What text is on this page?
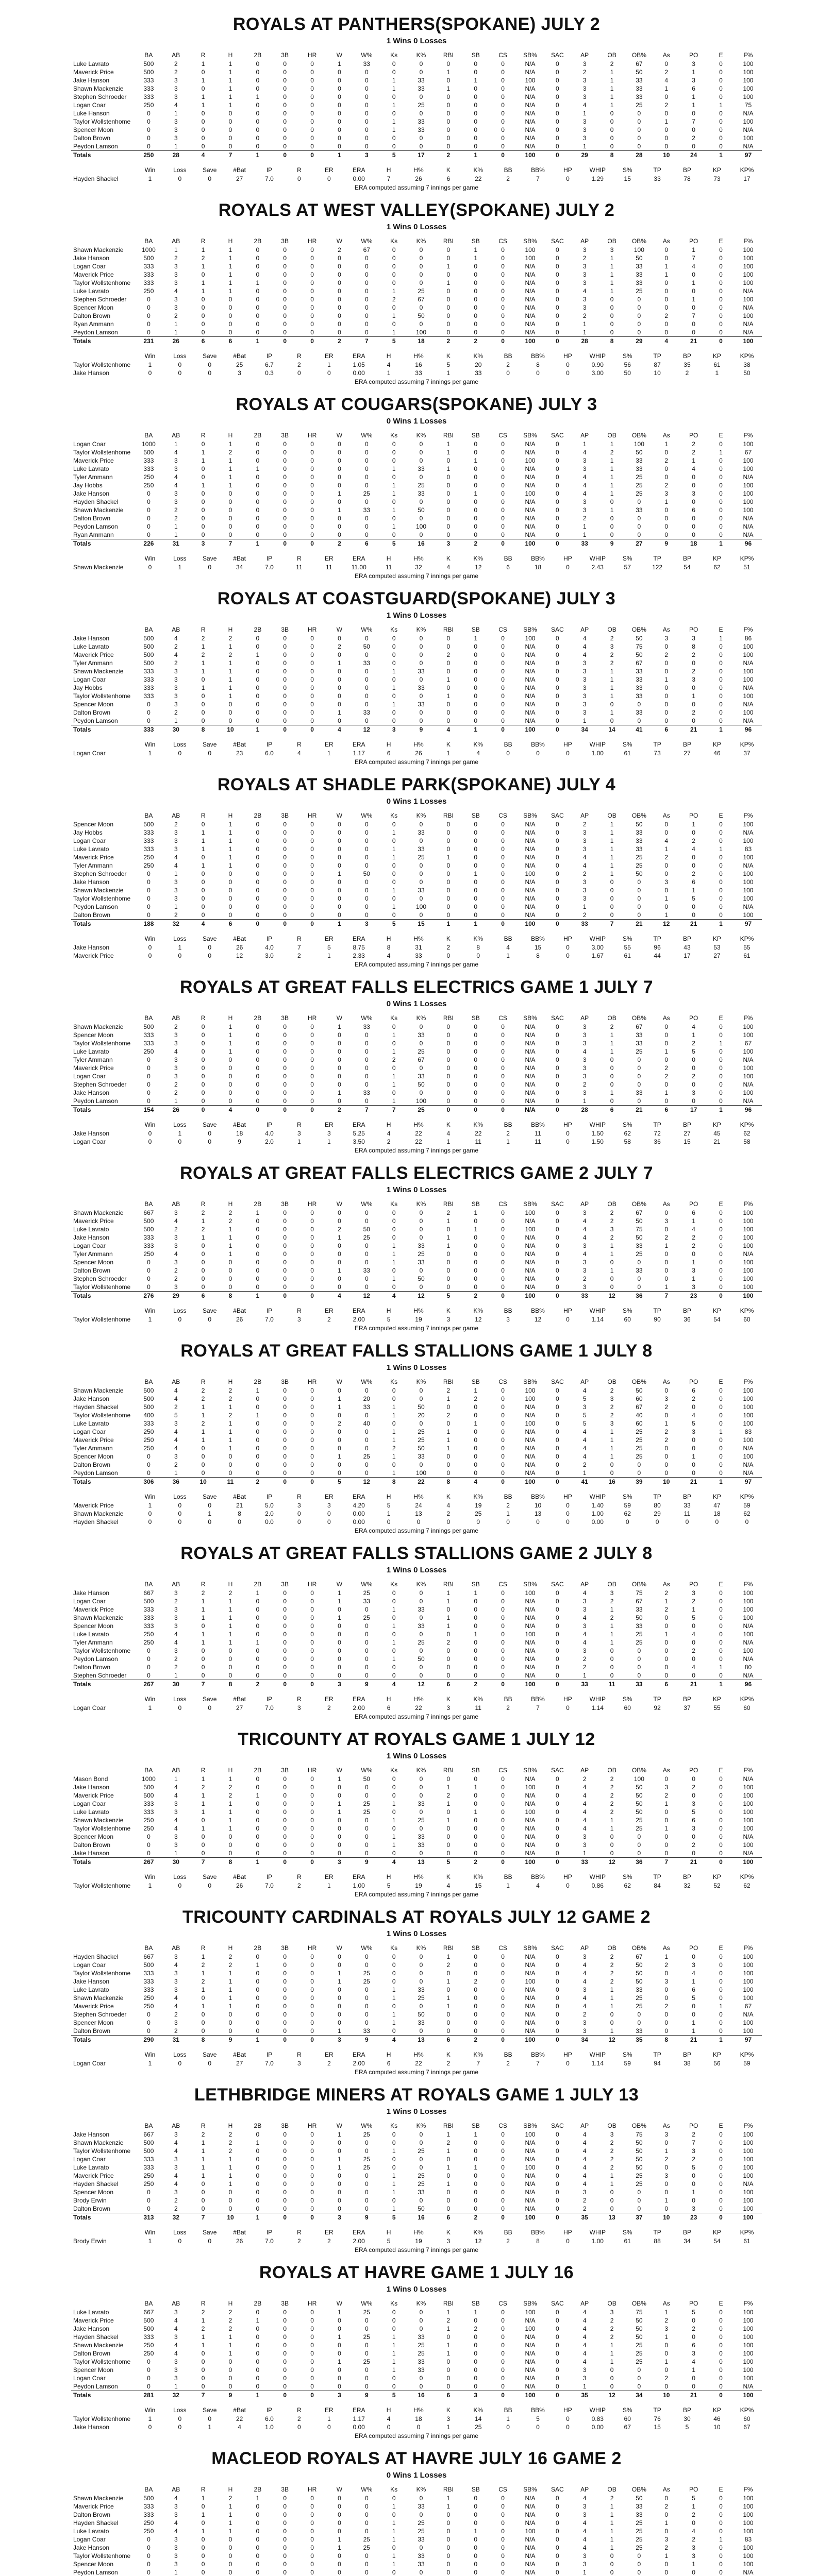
ROYALS AT PANTHERS(SPOKANE) JULY 2
1 Wins 0 Losses
	BA	AB	R	H	2B	3B	HR	W	W%	Ks	K%	RBI	SB	CS	SB%	SAC	AP	OB	OB%	As	PO	E	F%
Luke Lavrato	500	2	1	1	0	0	0	1	33	0	0	0	0	0	N/A	0	3	2	67	0	3	0	100
Maverick Price	500	2	0	1	0	0	0	0	0	0	0	1	0	0	N/A	0	2	1	50	2	1	0	100
Jake Hanson	333	3	1	1	0	0	0	0	0	1	33	0	1	0	100	0	3	1	33	4	3	0	100
Shawn Mackenzie	333	3	0	1	0	0	0	0	0	1	33	1	0	0	N/A	0	3	1	33	1	6	0	100
Stephen Schroeder	333	3	1	1	1	0	0	0	0	0	0	0	0	0	N/A	0	3	1	33	0	1	0	100
Logan Coar	250	4	1	1	0	0	0	0	0	1	25	0	0	0	N/A	0	4	1	25	2	1	1	75
Luke Hanson	0	1	0	0	0	0	0	0	0	0	0	0	0	0	N/A	0	1	0	0	0	0	0	N/A
Taylor Wollstenhome	0	3	0	0	0	0	0	0	0	1	33	0	0	0	N/A	0	3	0	0	1	7	0	100
Spencer Moon	0	3	0	0	0	0	0	0	0	1	33	0	0	0	N/A	0	3	0	0	0	0	0	N/A
Dalton Brown	0	3	0	0	0	0	0	0	0	0	0	0	0	0	N/A	0	3	0	0	0	2	0	100
Peydon Lamson	0	1	0	0	0	0	0	0	0	0	0	0	0	0	N/A	0	1	0	0	0	0	0	N/A
Totals	250	28	4	7	1	0	0	1	3	5	17	2	1	0	100	0	29	8	28	10	24	1	97
	Win	Loss	Save	#Bat	IP	R	ER	ERA	H	H%	K	K%	BB	BB%	HP	WHIP	S%	TP	BP	KP	KP%
Hayden Shackel	1	0	0	27	7.0	0	0	0.00	7	26	6	22	2	7	0	1.29	15	33	78	73	17
ERA computed assuming 7 innings per game
ROYALS AT WEST VALLEY(SPOKANE) JULY 2
1 Wins 0 Losses
	BA	AB	R	H	2B	3B	HR	W	W%	Ks	K%	RBI	SB	CS	SB%	SAC	AP	OB	OB%	As	PO	E	F%
Shawn Mackenzie	1000	1	1	1	0	0	0	2	67	0	0	0	1	0	100	0	3	3	100	0	1	0	100
Jake Hanson	500	2	2	1	0	0	0	0	0	0	0	0	1	0	100	0	2	1	50	0	7	0	100
Logan Coar	333	3	1	1	0	0	0	0	0	0	0	1	0	0	N/A	0	3	1	33	1	4	0	100
Maverick Price	333	3	0	1	0	0	0	0	0	0	0	0	0	0	N/A	0	3	1	33	1	0	0	100
Taylor Wollstenhome	333	3	1	1	1	0	0	0	0	0	0	1	0	0	N/A	0	3	1	33	0	1	0	100
Luke Lavrato	250	4	1	1	0	0	0	0	0	1	25	0	0	0	N/A	0	4	1	25	0	0	0	N/A
Stephen Schroeder	0	3	0	0	0	0	0	0	0	2	67	0	0	0	N/A	0	3	0	0	0	1	0	100
Spencer Moon	0	3	0	0	0	0	0	0	0	0	0	0	0	0	N/A	0	3	0	0	0	0	0	N/A
Dalton Brown	0	2	0	0	0	0	0	0	0	1	50	0	0	0	N/A	0	2	0	0	2	7	0	100
Ryan Ammann	0	1	0	0	0	0	0	0	0	0	0	0	0	0	N/A	0	1	0	0	0	0	0	N/A
Peydon Lamson	0	1	0	0	0	0	0	0	0	1	100	0	0	0	N/A	0	1	0	0	0	0	0	N/A
Totals	231	26	6	6	1	0	0	2	7	5	18	2	2	0	100	0	28	8	29	4	21	0	100
	Win	Loss	Save	#Bat	IP	R	ER	ERA	H	H%	K	K%	BB	BB%	HP	WHIP	S%	TP	BP	KP	KP%
Taylor Wollstenhome	1	0	0	25	6.7	2	1	1.05	4	16	5	20	2	8	0	0.90	56	87	35	61	38
Jake Hanson	0	0	0	3	0.3	0	0	0.00	1	33	1	33	0	0	0	3.00	50	10	2	1	50
ERA computed assuming 7 innings per game
ROYALS AT COUGARS(SPOKANE) JULY 3
0 Wins 1 Losses
	BA	AB	R	H	2B	3B	HR	W	W%	Ks	K%	RBI	SB	CS	SB%	SAC	AP	OB	OB%	As	PO	E	F%
Logan Coar	1000	1	0	1	0	0	0	0	0	0	0	1	0	0	N/A	0	1	1	100	1	2	0	100
Taylor Wollstenhome	500	4	1	2	0	0	0	0	0	0	0	1	0	0	N/A	0	4	2	50	0	2	1	67
Maverick Price	333	3	1	1	0	0	0	0	0	0	0	0	1	0	100	0	3	1	33	2	1	0	100
Luke Lavrato	333	3	0	1	1	0	0	0	0	1	33	1	0	0	N/A	0	3	1	33	0	4	0	100
Tyler Ammann	250	4	0	1	0	0	0	0	0	0	0	0	0	0	N/A	0	4	1	25	0	0	0	N/A
Jay Hobbs	250	4	1	1	0	0	0	0	0	1	25	0	0	0	N/A	0	4	1	25	2	0	0	100
Jake Hanson	0	3	0	0	0	0	0	1	25	1	33	0	1	0	100	0	4	1	25	3	3	0	100
Hayden Shackel	0	3	0	0	0	0	0	0	0	0	0	0	0	0	N/A	0	3	0	0	1	0	0	100
Shawn Mackenzie	0	2	0	0	0	0	0	1	33	1	50	0	0	0	N/A	0	3	1	33	0	6	0	100
Dalton Brown	0	2	0	0	0	0	0	0	0	0	0	0	0	0	N/A	0	2	0	0	0	0	0	N/A
Peydon Lamson	0	1	0	0	0	0	0	0	0	1	100	0	0	0	N/A	0	1	0	0	0	0	0	N/A
Ryan Ammann	0	1	0	0	0	0	0	0	0	0	0	0	0	0	N/A	0	1	0	0	0	0	0	N/A
Totals	226	31	3	7	1	0	0	2	6	5	16	3	2	0	100	0	33	9	27	9	18	1	96
	Win	Loss	Save	#Bat	IP	R	ER	ERA	H	H%	K	K%	BB	BB%	HP	WHIP	S%	TP	BP	KP	KP%
Shawn Mackenzie	0	1	0	34	7.0	11	11	11.00	11	32	4	12	6	18	0	2.43	57	122	54	62	51
ERA computed assuming 7 innings per game
ROYALS AT COASTGUARD(SPOKANE) JULY 3
1 Wins 0 Losses
	BA	AB	R	H	2B	3B	HR	W	W%	Ks	K%	RBI	SB	CS	SB%	SAC	AP	OB	OB%	As	PO	E	F%
Jake Hanson	500	4	2	2	0	0	0	0	0	0	0	0	1	0	100	0	4	2	50	3	3	1	86
Luke Lavrato	500	2	1	1	0	0	0	2	50	0	0	0	0	0	N/A	0	4	3	75	0	8	0	100
Maverick Price	500	4	2	2	1	0	0	0	0	0	0	2	0	0	N/A	0	4	2	50	2	2	0	100
Tyler Ammann	500	2	1	1	0	0	0	1	33	0	0	0	0	0	N/A	0	3	2	67	0	0	0	N/A
Shawn Mackenzie	333	3	1	1	0	0	0	0	0	1	33	0	0	0	N/A	0	3	1	33	0	2	0	100
Logan Coar	333	3	0	1	0	0	0	0	0	0	0	1	0	0	N/A	0	3	1	33	1	3	0	100
Jay Hobbs	333	3	1	1	0	0	0	0	0	1	33	0	0	0	N/A	0	3	1	33	0	0	0	N/A
Taylor Wollstenhome	333	3	0	1	0	0	0	0	0	0	0	1	0	0	N/A	0	3	1	33	0	1	0	100
Spencer Moon	0	3	0	0	0	0	0	0	0	1	33	0	0	0	N/A	0	3	0	0	0	0	0	N/A
Dalton Brown	0	2	0	0	0	0	0	1	33	0	0	0	0	0	N/A	0	3	1	33	0	2	0	100
Peydon Lamson	0	1	0	0	0	0	0	0	0	0	0	0	0	0	N/A	0	1	0	0	0	0	0	N/A
Totals	333	30	8	10	1	0	0	4	12	3	9	4	1	0	100	0	34	14	41	6	21	1	96
	Win	Loss	Save	#Bat	IP	R	ER	ERA	H	H%	K	K%	BB	BB%	HP	WHIP	S%	TP	BP	KP	KP%
Logan Coar	1	0	0	23	6.0	4	1	1.17	6	26	1	4	0	0	0	1.00	61	73	27	46	37
ERA computed assuming 7 innings per game
ROYALS AT SHADLE PARK(SPOKANE) JULY 4
0 Wins 1 Losses
	BA	AB	R	H	2B	3B	HR	W	W%	Ks	K%	RBI	SB	CS	SB%	SAC	AP	OB	OB%	As	PO	E	F%
Spencer Moon	500	2	0	1	0	0	0	0	0	0	0	0	0	0	N/A	0	2	1	50	0	1	0	100
Jay Hobbs	333	3	1	1	0	0	0	0	0	1	33	0	0	0	N/A	0	3	1	33	0	0	0	N/A
Logan Coar	333	3	1	1	0	0	0	0	0	0	0	0	0	0	N/A	0	3	1	33	4	2	0	100
Luke Lavrato	333	3	1	1	0	0	0	0	0	1	33	0	0	0	N/A	0	3	1	33	1	4	1	83
Maverick Price	250	4	0	1	0	0	0	0	0	1	25	1	0	0	N/A	0	4	1	25	2	0	0	100
Tyler Ammann	250	4	1	1	0	0	0	0	0	0	0	0	0	0	N/A	0	4	1	25	0	0	0	N/A
Stephen Schroeder	0	1	0	0	0	0	0	1	50	0	0	0	1	0	100	0	2	1	50	0	2	0	100
Jake Hanson	0	3	0	0	0	0	0	0	0	0	0	0	0	0	N/A	0	3	0	0	3	6	0	100
Shawn Mackenzie	0	3	0	0	0	0	0	0	0	1	33	0	0	0	N/A	0	3	0	0	0	1	0	100
Taylor Wollstenhome	0	3	0	0	0	0	0	0	0	0	0	0	0	0	N/A	0	3	0	0	1	5	0	100
Peydon Lamson	0	1	0	0	0	0	0	0	0	1	100	0	0	0	N/A	0	1	0	0	0	0	0	N/A
Dalton Brown	0	2	0	0	0	0	0	0	0	0	0	0	0	0	N/A	0	2	0	0	1	0	0	100
Totals	188	32	4	6	0	0	0	1	3	5	15	1	1	0	100	0	33	7	21	12	21	1	97
	Win	Loss	Save	#Bat	IP	R	ER	ERA	H	H%	K	K%	BB	BB%	HP	WHIP	S%	TP	BP	KP	KP%
Jake Hanson	0	1	0	26	4.0	7	5	8.75	8	31	2	8	4	15	0	3.00	55	96	43	53	55
Maverick Price	0	0	0	12	3.0	2	1	2.33	4	33	0	0	1	8	0	1.67	61	44	17	27	61
ERA computed assuming 7 innings per game
ROYALS AT GREAT FALLS ELECTRICS GAME 1 JULY 7
0 Wins 1 Losses
	BA	AB	R	H	2B	3B	HR	W	W%	Ks	K%	RBI	SB	CS	SB%	SAC	AP	OB	OB%	As	PO	E	F%
Shawn Mackenzie	500	2	0	1	0	0	0	1	33	0	0	0	0	0	N/A	0	3	2	67	0	4	0	100
Spencer Moon	333	3	0	1	0	0	0	0	0	1	33	0	0	0	N/A	0	3	1	33	0	1	0	100
Taylor Wollstenhome	333	3	0	1	0	0	0	0	0	0	0	0	0	0	N/A	0	3	1	33	0	2	1	67
Luke Lavrato	250	4	0	1	0	0	0	0	0	1	25	0	0	0	N/A	0	4	1	25	1	5	0	100
Tyler Ammann	0	3	0	0	0	0	0	0	0	2	67	0	0	0	N/A	0	3	0	0	0	0	0	N/A
Maverick Price	0	3	0	0	0	0	0	0	0	0	0	0	0	0	N/A	0	3	0	0	2	0	0	100
Logan Coar	0	3	0	0	0	0	0	0	0	1	33	0	0	0	N/A	0	3	0	0	2	2	0	100
Stephen Schroeder	0	2	0	0	0	0	0	0	0	1	50	0	0	0	N/A	0	2	0	0	0	0	0	N/A
Jake Hanson	0	2	0	0	0	0	0	1	33	0	0	0	0	0	N/A	0	3	1	33	1	3	0	100
Peydon Lamson	0	1	0	0	0	0	0	0	0	1	100	0	0	0	N/A	0	1	0	0	0	0	0	N/A
Totals	154	26	0	4	0	0	0	2	7	7	25	0	0	0	N/A	0	28	6	21	6	17	1	96
	Win	Loss	Save	#Bat	IP	R	ER	ERA	H	H%	K	K%	BB	BB%	HP	WHIP	S%	TP	BP	KP	KP%
Jake Hanson	0	1	0	18	4.0	3	3	5.25	4	22	4	22	2	11	0	1.50	62	72	27	45	62
Logan Coar	0	0	0	9	2.0	1	1	3.50	2	22	1	11	1	11	0	1.50	58	36	15	21	58
ERA computed assuming 7 innings per game
ROYALS AT GREAT FALLS ELECTRICS GAME 2 JULY 7
1 Wins 0 Losses
	BA	AB	R	H	2B	3B	HR	W	W%	Ks	K%	RBI	SB	CS	SB%	SAC	AP	OB	OB%	As	PO	E	F%
Shawn Mackenzie	667	3	2	2	1	0	0	0	0	0	0	2	1	0	100	0	3	2	67	0	6	0	100
Maverick Price	500	4	1	2	0	0	0	0	0	0	0	1	0	0	N/A	0	4	2	50	3	1	0	100
Luke Lavrato	500	2	2	1	0	0	0	2	50	0	0	0	1	0	100	0	4	3	75	0	4	0	100
Jake Hanson	333	3	1	1	0	0	0	1	25	0	0	1	0	0	N/A	0	4	2	50	2	2	0	100
Logan Coar	333	3	0	1	0	0	0	0	0	1	33	1	0	0	N/A	0	3	1	33	1	2	0	100
Tyler Ammann	250	4	0	1	0	0	0	0	0	1	25	0	0	0	N/A	0	4	1	25	0	0	0	N/A
Spencer Moon	0	3	0	0	0	0	0	0	0	1	33	0	0	0	N/A	0	3	0	0	0	1	0	100
Dalton Brown	0	2	0	0	0	0	0	1	33	0	0	0	0	0	N/A	0	3	1	33	0	3	0	100
Stephen Schroeder	0	2	0	0	0	0	0	0	0	1	50	0	0	0	N/A	0	2	0	0	0	1	0	100
Taylor Wollstenhome	0	3	0	0	0	0	0	0	0	0	0	0	0	0	N/A	0	3	0	0	1	3	0	100
Totals	276	29	6	8	1	0	0	4	12	4	12	5	2	0	100	0	33	12	36	7	23	0	100
	Win	Loss	Save	#Bat	IP	R	ER	ERA	H	H%	K	K%	BB	BB%	HP	WHIP	S%	TP	BP	KP	KP%
Taylor Wollstenhome	1	0	0	26	7.0	3	2	2.00	5	19	3	12	3	12	0	1.14	60	90	36	54	60
ERA computed assuming 7 innings per game
ROYALS AT GREAT FALLS STALLIONS GAME 1 JULY 8
1 Wins 0 Losses
	BA	AB	R	H	2B	3B	HR	W	W%	Ks	K%	RBI	SB	CS	SB%	SAC	AP	OB	OB%	As	PO	E	F%
Shawn Mackenzie	500	4	2	2	1	0	0	0	0	0	0	2	1	0	100	0	4	2	50	0	6	0	100
Jake Hanson	500	4	2	2	0	0	0	1	20	0	0	1	2	0	100	0	5	3	60	3	2	0	100
Hayden Shackel	500	2	1	1	0	0	0	1	33	1	50	0	0	0	N/A	0	3	2	67	2	0	0	100
Taylor Wollstenhome	400	5	1	2	1	0	0	0	0	1	20	2	0	0	N/A	0	5	2	40	0	4	0	100
Luke Lavrato	333	3	2	1	0	0	0	2	40	0	0	0	1	0	100	0	5	3	60	1	5	0	100
Logan Coar	250	4	1	1	0	0	0	0	0	1	25	1	0	0	N/A	0	4	1	25	2	3	1	83
Maverick Price	250	4	1	1	0	0	0	0	0	1	25	1	0	0	N/A	0	4	1	25	2	0	0	100
Tyler Ammann	250	4	0	1	0	0	0	0	0	2	50	1	0	0	N/A	0	4	1	25	0	0	0	N/A
Spencer Moon	0	3	0	0	0	0	0	1	25	1	33	0	0	0	N/A	0	4	1	25	0	1	0	100
Dalton Brown	0	2	0	0	0	0	0	0	0	0	0	0	0	0	N/A	0	2	0	0	0	0	0	N/A
Peydon Lamson	0	1	0	0	0	0	0	0	0	1	100	0	0	0	N/A	0	1	0	0	0	0	0	N/A
Totals	306	36	10	11	2	0	0	5	12	8	22	8	4	0	100	0	41	16	39	10	21	1	97
	Win	Loss	Save	#Bat	IP	R	ER	ERA	H	H%	K	K%	BB	BB%	HP	WHIP	S%	TP	BP	KP	KP%
Maverick Price	1	0	0	21	5.0	3	3	4.20	5	24	4	19	2	10	0	1.40	59	80	33	47	59
Shawn Mackenzie	0	0	1	8	2.0	0	0	0.00	1	13	2	25	1	13	0	1.00	62	29	11	18	62
Hayden Shackel	0	0	0	0	0.0	0	0	0.00	0	0	0	0	0	0	0	0.00	0	0	0	0	0
ERA computed assuming 7 innings per game
ROYALS AT GREAT FALLS STALLIONS GAME 2 JULY 8
1 Wins 0 Losses
	BA	AB	R	H	2B	3B	HR	W	W%	Ks	K%	RBI	SB	CS	SB%	SAC	AP	OB	OB%	As	PO	E	F%
Jake Hanson	667	3	2	2	1	0	0	1	25	0	0	1	1	0	100	0	4	3	75	2	3	0	100
Logan Coar	500	2	1	1	0	0	0	1	33	0	0	1	0	0	N/A	0	3	2	67	1	2	0	100
Maverick Price	333	3	1	1	0	0	0	0	0	1	33	0	0	0	N/A	0	3	1	33	2	1	0	100
Shawn Mackenzie	333	3	1	1	0	0	0	1	25	0	0	1	0	0	N/A	0	4	2	50	0	5	0	100
Spencer Moon	333	3	0	1	0	0	0	0	0	1	33	1	0	0	N/A	0	3	1	33	0	0	0	N/A
Luke Lavrato	250	4	1	1	0	0	0	0	0	0	0	0	1	0	100	0	4	1	25	1	4	0	100
Tyler Ammann	250	4	1	1	1	0	0	0	0	1	25	2	0	0	N/A	0	4	1	25	0	0	0	N/A
Taylor Wollstenhome	0	3	0	0	0	0	0	0	0	0	0	0	0	0	N/A	0	3	0	0	0	2	0	100
Peydon Lamson	0	2	0	0	0	0	0	0	0	1	50	0	0	0	N/A	0	2	0	0	0	0	0	N/A
Dalton Brown	0	2	0	0	0	0	0	0	0	0	0	0	0	0	N/A	0	2	0	0	0	4	1	80
Stephen Schroeder	0	1	0	0	0	0	0	0	0	0	0	0	0	0	N/A	0	1	0	0	0	0	0	N/A
Totals	267	30	7	8	2	0	0	3	9	4	12	6	2	0	100	0	33	11	33	6	21	1	96
	Win	Loss	Save	#Bat	IP	R	ER	ERA	H	H%	K	K%	BB	BB%	HP	WHIP	S%	TP	BP	KP	KP%
Logan Coar	1	0	0	27	7.0	3	2	2.00	6	22	3	11	2	7	0	1.14	60	92	37	55	60
ERA computed assuming 7 innings per game
TRICOUNTY AT ROYALS GAME 1 JULY 12
1 Wins 0 Losses
	BA	AB	R	H	2B	3B	HR	W	W%	Ks	K%	RBI	SB	CS	SB%	SAC	AP	OB	OB%	As	PO	E	F%
Mason Bond	1000	1	1	1	0	0	0	1	50	0	0	0	0	0	N/A	0	2	2	100	0	0	0	N/A
Jake Hanson	500	4	2	2	0	0	0	0	0	0	0	1	1	0	100	0	4	2	50	3	2	0	100
Maverick Price	500	4	1	2	1	0	0	0	0	0	0	2	0	0	N/A	0	4	2	50	2	0	0	100
Logan Coar	333	3	1	1	0	0	0	1	25	1	33	1	0	0	N/A	0	4	2	50	1	3	0	100
Luke Lavrato	333	3	1	1	0	0	0	1	25	0	0	0	1	0	100	0	4	2	50	0	5	0	100
Shawn Mackenzie	250	4	0	1	0	0	0	0	0	1	25	1	0	0	N/A	0	4	1	25	0	6	0	100
Taylor Wollstenhome	250	4	1	1	0	0	0	0	0	0	0	0	0	0	N/A	0	4	1	25	1	3	0	100
Spencer Moon	0	3	0	0	0	0	0	0	0	1	33	0	0	0	N/A	0	3	0	0	0	0	0	N/A
Dalton Brown	0	3	0	0	0	0	0	0	0	1	33	0	0	0	N/A	0	3	0	0	0	2	0	100
Jake Hanson	0	1	0	0	0	0	0	0	0	0	0	0	0	0	N/A	0	1	0	0	0	0	0	N/A
Totals	267	30	7	8	1	0	0	3	9	4	13	5	2	0	100	0	33	12	36	7	21	0	100
	Win	Loss	Save	#Bat	IP	R	ER	ERA	H	H%	K	K%	BB	BB%	HP	WHIP	S%	TP	BP	KP	KP%
Taylor Wollstenhome	1	0	0	26	7.0	2	1	1.00	5	19	4	15	1	4	0	0.86	62	84	32	52	62
ERA computed assuming 7 innings per game
TRICOUNTY CARDINALS AT ROYALS JULY 12 GAME 2
1 Wins 0 Losses
	BA	AB	R	H	2B	3B	HR	W	W%	Ks	K%	RBI	SB	CS	SB%	SAC	AP	OB	OB%	As	PO	E	F%
Hayden Shackel	667	3	1	2	0	0	0	0	0	0	0	1	0	0	N/A	0	3	2	67	1	0	0	100
Logan Coar	500	4	2	2	1	0	0	0	0	0	0	2	0	0	N/A	0	4	2	50	2	3	0	100
Taylor Wollstenhome	333	3	1	1	0	0	0	1	25	0	0	0	0	0	N/A	0	4	2	50	0	4	0	100
Jake Hanson	333	3	2	1	0	0	0	1	25	0	0	1	2	0	100	0	4	2	50	3	1	0	100
Luke Lavrato	333	3	1	1	0	0	0	0	0	1	33	0	0	0	N/A	0	3	1	33	0	6	0	100
Shawn Mackenzie	250	4	0	1	0	0	0	0	0	1	25	1	0	0	N/A	0	4	1	25	0	5	0	100
Maverick Price	250	4	1	1	0	0	0	0	0	0	0	1	0	0	N/A	0	4	1	25	2	0	1	67
Stephen Schroeder	0	2	0	0	0	0	0	0	0	1	50	0	0	0	N/A	0	2	0	0	0	0	0	N/A
Spencer Moon	0	3	0	0	0	0	0	0	0	1	33	0	0	0	N/A	0	3	0	0	0	1	0	100
Dalton Brown	0	2	0	0	0	0	0	1	33	0	0	0	0	0	N/A	0	3	1	33	0	1	0	100
Totals	290	31	8	9	1	0	0	3	9	4	13	6	2	0	100	0	34	12	35	8	21	1	97
	Win	Loss	Save	#Bat	IP	R	ER	ERA	H	H%	K	K%	BB	BB%	HP	WHIP	S%	TP	BP	KP	KP%
Logan Coar	1	0	0	27	7.0	3	2	2.00	6	22	2	7	2	7	0	1.14	59	94	38	56	59
ERA computed assuming 7 innings per game
LETHBRIDGE MINERS AT ROYALS GAME 1 JULY 13
1 Wins 0 Losses
	BA	AB	R	H	2B	3B	HR	W	W%	Ks	K%	RBI	SB	CS	SB%	SAC	AP	OB	OB%	As	PO	E	F%
Jake Hanson	667	3	2	2	0	0	0	1	25	0	0	1	1	0	100	0	4	3	75	3	2	0	100
Shawn Mackenzie	500	4	1	2	1	0	0	0	0	0	0	2	0	0	N/A	0	4	2	50	0	7	0	100
Taylor Wollstenhome	500	4	1	2	0	0	0	0	0	1	25	1	0	0	N/A	0	4	2	50	1	3	0	100
Logan Coar	333	3	1	1	0	0	0	1	25	0	0	0	0	0	N/A	0	4	2	50	2	2	0	100
Luke Lavrato	333	3	1	1	0	0	0	1	25	0	0	1	1	0	100	0	4	2	50	0	5	0	100
Maverick Price	250	4	1	1	0	0	0	0	0	1	25	0	0	0	N/A	0	4	1	25	3	0	0	100
Hayden Shackel	250	4	0	1	0	0	0	0	0	1	25	1	0	0	N/A	0	4	1	25	0	0	0	N/A
Spencer Moon	0	3	0	0	0	0	0	0	0	1	33	0	0	0	N/A	0	3	0	0	0	1	0	100
Brody Erwin	0	2	0	0	0	0	0	0	0	0	0	0	0	0	N/A	0	2	0	0	1	0	0	100
Dalton Brown	0	2	0	0	0	0	0	0	0	1	50	0	0	0	N/A	0	2	0	0	0	3	0	100
Totals	313	32	7	10	1	0	0	3	9	5	16	6	2	0	100	0	35	13	37	10	23	0	100
	Win	Loss	Save	#Bat	IP	R	ER	ERA	H	H%	K	K%	BB	BB%	HP	WHIP	S%	TP	BP	KP	KP%
Brody Erwin	1	0	0	26	7.0	2	2	2.00	5	19	3	12	2	8	0	1.00	61	88	34	54	61
ERA computed assuming 7 innings per game
ROYALS AT HAVRE GAME 1 JULY 16
1 Wins 0 Losses
	BA	AB	R	H	2B	3B	HR	W	W%	Ks	K%	RBI	SB	CS	SB%	SAC	AP	OB	OB%	As	PO	E	F%
Luke Lavrato	667	3	2	2	0	0	0	1	25	0	0	1	1	0	100	0	4	3	75	1	5	0	100
Maverick Price	500	4	1	2	1	0	0	0	0	0	0	2	0	0	N/A	0	4	2	50	2	0	0	100
Jake Hanson	500	4	2	2	0	0	0	0	0	0	0	1	2	0	100	0	4	2	50	3	2	0	100
Hayden Shackel	333	3	1	1	0	0	0	1	25	1	33	0	0	0	N/A	0	4	2	50	1	0	0	100
Shawn Mackenzie	250	4	1	1	0	0	0	0	0	1	25	1	0	0	N/A	0	4	1	25	0	6	0	100
Dalton Brown	250	4	0	1	0	0	0	0	0	1	25	1	0	0	N/A	0	4	1	25	0	3	0	100
Taylor Wollstenhome	0	3	0	0	0	0	0	1	25	1	33	0	0	0	N/A	0	4	1	25	1	4	0	100
Spencer Moon	0	3	0	0	0	0	0	0	0	1	33	0	0	0	N/A	0	3	0	0	0	1	0	100
Logan Coar	0	3	0	0	0	0	0	0	0	0	0	0	0	0	N/A	0	3	0	0	2	0	0	100
Peydon Lamson	0	1	0	0	0	0	0	0	0	0	0	0	0	0	N/A	0	1	0	0	0	0	0	N/A
Totals	281	32	7	9	1	0	0	3	9	5	16	6	3	0	100	0	35	12	34	10	21	0	100
	Win	Loss	Save	#Bat	IP	R	ER	ERA	H	H%	K	K%	BB	BB%	HP	WHIP	S%	TP	BP	KP	KP%
Taylor Wollstenhome	1	0	0	22	6.0	2	1	1.17	4	18	3	14	1	5	0	0.83	60	76	30	46	60
Jake Hanson	0	0	1	4	1.0	0	0	0.00	0	0	1	25	0	0	0	0.00	67	15	5	10	67
ERA computed assuming 7 innings per game
MACLEOD ROYALS AT HAVRE JULY 16 GAME 2
0 Wins 1 Losses
	BA	AB	R	H	2B	3B	HR	W	W%	Ks	K%	RBI	SB	CS	SB%	SAC	AP	OB	OB%	As	PO	E	F%
Shawn Mackenzie	500	4	1	2	1	0	0	0	0	0	0	1	0	0	N/A	0	4	2	50	0	5	0	100
Maverick Price	333	3	0	1	0	0	0	0	0	1	33	1	0	0	N/A	0	3	1	33	2	1	0	100
Dalton Brown	333	3	1	1	0	0	0	0	0	0	0	0	0	0	N/A	0	3	1	33	0	2	0	100
Hayden Shackel	250	4	0	1	0	0	0	0	0	1	25	0	0	0	N/A	0	4	1	25	1	0	0	100
Luke Lavrato	250	4	1	1	0	0	0	0	0	1	25	0	1	0	100	0	4	1	25	0	4	0	100
Logan Coar	0	3	0	0	0	0	0	1	25	1	33	0	0	0	N/A	0	4	1	25	3	2	1	83
Jake Hanson	0	3	0	0	0	0	0	1	25	0	0	0	0	0	N/A	0	4	1	25	2	3	0	100
Taylor Wollstenhome	0	3	0	0	0	0	0	0	0	1	33	0	0	0	N/A	0	3	0	0	1	3	0	100
Spencer Moon	0	3	0	0	0	0	0	0	0	1	33	0	0	0	N/A	0	3	0	0	0	1	0	100
Peydon Lamson	0	1	0	0	0	0	0	0	0	0	0	0	0	0	N/A	0	1	0	0	0	0	0	N/A
